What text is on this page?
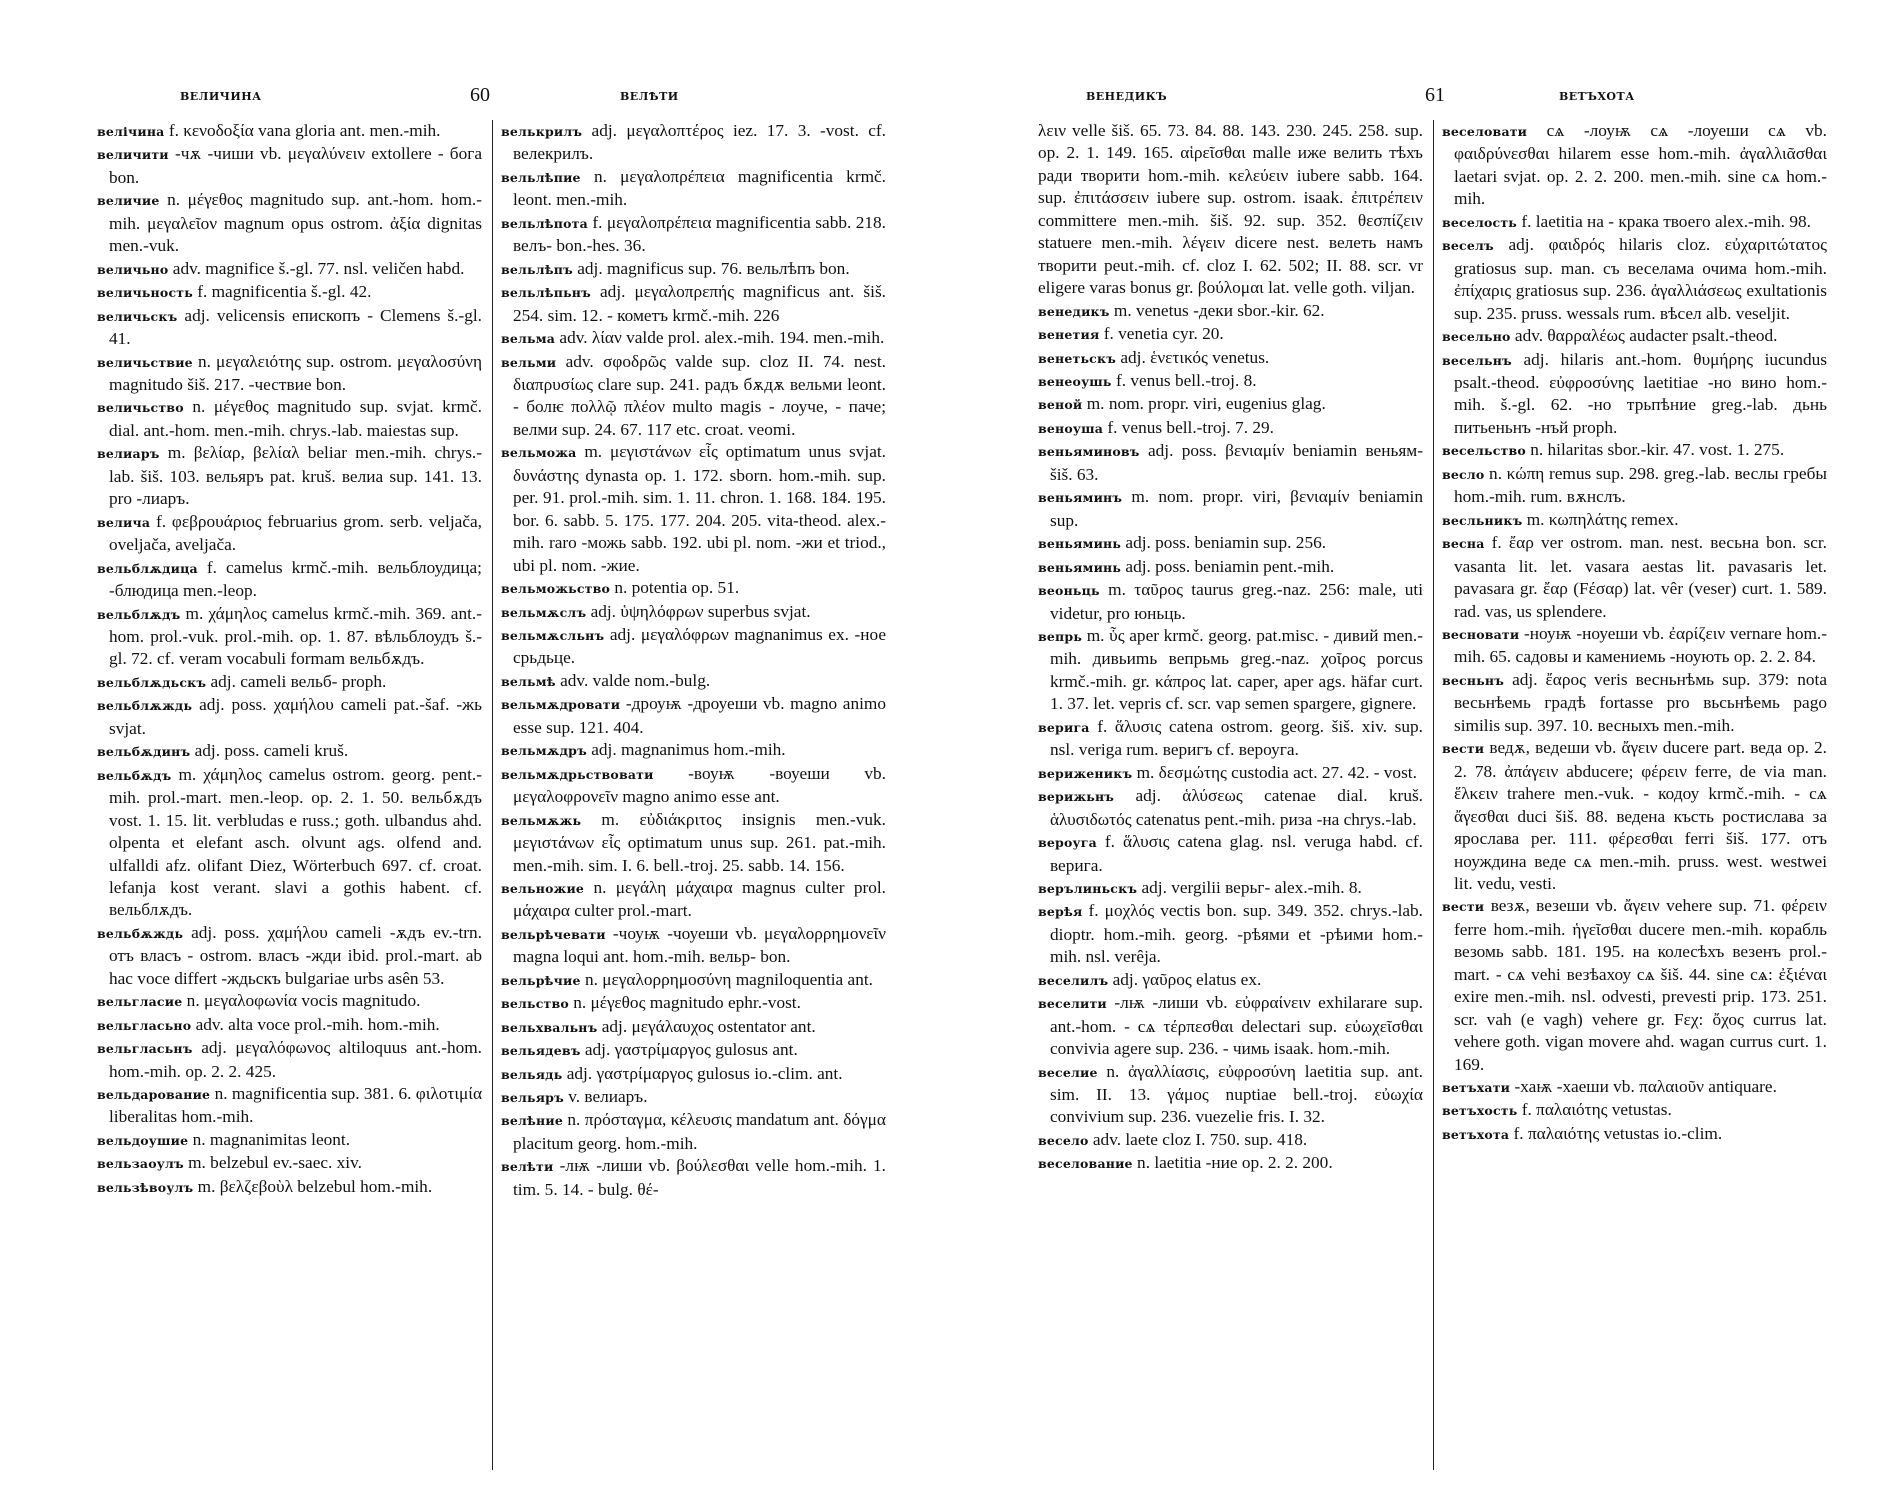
ВЕЛИЧИНА	60	ВЕЛѢТИ

велічина f. κενοδοξία vana gloria ant. men.-mih.

величити -чѫ -чиши vb. μεγαλύνειν extollere - бога bon.

величие n. μέγεθος magnitudo sup. ant.-hom. hom.-mih. μεγαλεῖον magnum opus ostrom. ἀξία dignitas men.-vuk.

величьно adv. magnifice š.-gl. 77. nsl. veličen habd.

величьность f. magnificentia š.-gl. 42.

величьскъ adj. velicensis епископъ - Clemens š.-gl. 41.

величьствие n. μεγαλειότης sup. ostrom. μεγαλοσύνη magnitudo šiš. 217. -чествие bon.

величьство n. μέγεθος magnitudo sup. svjat. krmč. dial. ant.-hom. men.-mih. chrys.-lab. maiestas sup.

велиаръ m. βελίαρ, βελίαλ beliar men.-mih. chrys.-lab. šiš. 103. вельяръ pat. kruš. велиа sup. 141. 13. pro -лиаръ.

велича f. φεβρουάριος februarius grom. serb. veljača, oveljača, aveljača.

вельблѫдица f. camelus krmč.-mih. вельблоудица; -блюдица men.-leop.

вельблѫдъ m. χάμηλος camelus krmč.-mih. 369. ant.-hom. prol.-vuk. prol.-mih. op. 1. 87. вѣльблоудъ š.-gl. 72. cf. veram vocabuli formam вельбѫдъ.

вельблѫдьскъ adj. cameli вельб- proph.

вельблѫждь adj. poss. χαμήλου cameli pat.-šaf. -жь svjat.

вельбѫдинъ adj. poss. cameli kruš.

вельбѫдъ m. χάμηλος camelus ostrom. georg. pent.-mih. prol.-mart. men.-leop. op. 2. 1. 50. вельбѫдъ vost. 1. 15. lit. verbludas e russ.; goth. ulbandus ahd. olpenta et elefant asch. olvunt ags. olfend and. ulfalldi afz. olifant Diez, Wörterbuch 697. cf. croat. lefanja kost verant. slavi a gothis habent. cf. вельблѫдъ.

вельбѫждь adj. poss. χαμήλου cameli -ѫдъ ev.-trn. отъ власъ - ostrom. власъ -жди ibid. prol.-mart. ab hac voce differt -ждьскъ bulgariae urbs asên 53.

вельгласие n. μεγαλοφωνία vocis magnitudo.

вельгласьно adv. alta voce prol.-mih. hom.-mih.

вельгласьнъ adj. μεγαλόφωνος altiloquus ant.-hom. hom.-mih. op. 2. 2. 425.

вельдарование n. magnificentia sup. 381. 6. φιλοτιμία liberalitas hom.-mih.

вельдоушие n. magnanimitas leont.

вельзаоулъ m. belzebul ev.-saec. xiv.

вельзѣвоулъ m. βελζεβοὺλ belzebul hom.-mih.

велькрилъ adj. μεγαλοπτέρος iez. 17. 3. -vost. cf. велекрилъ.

вельлѣпие n. μεγαλοπρέπεια magnificentia krmč. leont. men.-mih.

вельлѣпота f. μεγαλοπρέπεια magnificentia sabb. 218. велъ- bon.-hes. 36.

вельлѣпъ adj. magnificus sup. 76. вельлѣпъ bon.

вельлѣпьнъ adj. μεγαλοπρεπής magnificus ant. šiš. 254. sim. 12. - кометъ krmč.-mih. 226

вельма adv. λίαν valde prol. alex.-mih. 194. men.-mih.

вельми adv. σφοδρῶς valde sup. cloz II. 74. nest. διαπρυσίως clare sup. 241. радъ бѫдѫ вельми leont. - болѥ πολλῷ πλέον multo magis - лоуче, - паче; велми sup. 24. 67. 117 etc. croat. veomi.

вельможа m. μεγιστάνων εἷς optimatum unus svjat. δυνάστης dynasta op. 1. 172. sborn. hom.-mih. sup. per. 91. prol.-mih. sim. 1. 11. chron. 1. 168. 184. 195. bor. 6. sabb. 5. 175. 177. 204. 205. vita-theod. alex.-mih. raro -можь sabb. 192. ubi pl. nom. -жи et triod., ubi pl. nom. -жие.

вельможьство n. potentia op. 51.

вельмѫслъ adj. ὑψηλόφρων superbus svjat.

вельмѫсльнъ adj. μεγαλόφρων magnanimus ex. -ное срьдьце.

вельмѣ adv. valde nom.-bulg.

вельмѫдровати -дроуѭ -дроуеши vb. magno animo esse sup. 121. 404.

вельмѫдръ adj. magnanimus hom.-mih.

вельмѫдрьствовати -воуѭ -воуеши vb. μεγαλοφρονεῖν magno animo esse ant.

вельмѫжь m. εὐδιάκριτος insignis men.-vuk. μεγιστάνων εἷς optimatum unus sup. 261. pat.-mih. men.-mih. sim. I. 6. bell.-troj. 25. sabb. 14. 156.

вельножие n. μεγάλη μάχαιρα magnus culter prol. μάχαιρα culter prol.-mart.

вельрѣчевати -чоуѭ -чоуеши vb. μεγαλορρημονεῖν magna loqui ant. hom.-mih. вельр- bon.

вельрѣчие n. μεγαλορρημοσύνη magniloquentia ant.

вельство n. μέγεθος magnitudo ephr.-vost.

вельхвальнъ adj. μεγάλαυχος ostentator ant.

вельядевъ adj. γαστρίμαργος gulosus ant.

вельядь adj. γαστρίμαργος gulosus io.-clim. ant.

вельяръ v. велиаръ.

велѣние n. πρόσταγμα, κέλευσις mandatum ant. δόγμα placitum georg. hom.-mih.

велѣти -лѭ -лиши vb. βούλεσθαι velle hom.-mih. 1. tim. 5. 14. - bulg. θέ-

ВЕНЕДИКЪ	61	ВЕТЪХОТА

λειν velle šiš. 65. 73. 84. 88. 143. 230. 245. 258. sup. op. 2. 1. 149. 165. αἱρεῖσθαι malle иже велить тѣхъ ради творити hom.-mih. κελεύειν iubere sabb. 164. sup. ἐπιτάσσειν iubere sup. ostrom. isaak. ἐπιτρέπειν committere men.-mih. šiš. 92. sup. 352. θεσπίζειν statuere men.-mih. λέγειν dicere nest. велеть намъ творити peut.-mih. cf. cloz I. 62. 502; II. 88. scr. vr eligere varas bonus gr. βούλομαι lat. velle goth. viljan.

венедикъ m. venetus -деки sbor.-kir. 62.

венетия f. venetia cyr. 20.

венетьскъ adj. ἑνετικός venetus.

венеоушь f. venus bell.-troj. 8.

веной m. nom. propr. viri, eugenius glag.

веноуша f. venus bell.-troj. 7. 29.

веньяминовъ adj. poss. βενιαμίν beniamin веньям- šiš. 63.

веньяминъ m. nom. propr. viri, βενιαμίν beniamin sup.

веньяминь adj. poss. beniamin sup. 256.

веньяминь adj. poss. beniamin pent.-mih.

веоньць m. ταῦρος taurus greg.-naz. 256: male, uti videtur, pro юньць.

вепрь m. ὗς aper krmč. georg. pat.misc. - дивий men.-mih. дивьиmь вепрьмь greg.-naz. χοῖρος porcus krmč.-mih. gr. κάπρος lat. caper, aper ags. häfar curt. 1. 37. let. vepris cf. scr. vap semen spargere, gignere.

верига f. ἅλυσις catena ostrom. georg. šiš. xiv. sup. nsl. veriga rum. веригъ cf. вероуга.

вериженикъ m. δεσμώτης custodia act. 27. 42. - vost.

верижьнъ adj. ἁλύσεως catenae dial. kruš. ἁλυσιδωτός catenatus pent.-mih. риза -на chrys.-lab.

вероуга f. ἅλυσις catena glag. nsl. veruga habd. cf. верига.

верълиньскъ adj. vergilii верьг- alex.-mih. 8.

верѣя f. μοχλός vectis bon. sup. 349. 352. chrys.-lab. dioptr. hom.-mih. georg. -рѣями et -рѣими hom.-mih. nsl. verêja.

веселилъ adj. γαῦρος elatus ex.

веселити -лѭ -лиши vb. εὐφραίνειν exhilarare sup. ant.-hom. - сѧ τέρπεσθαι delectari sup. εὐωχεῖσθαι convivia agere sup. 236. - чимь isaak. hom.-mih.

веселие n. ἀγαλλίασις, εὐφροσύνη laetitia sup. ant. sim. II. 13. γάμος nuptiae bell.-troj. εὐωχία convivium sup. 236. vuezelie fris. I. 32.

весело adv. laete cloz I. 750. sup. 418.

веселование n. laetitia -ние op. 2. 2. 200.

веселовати сѧ -лоуѭ сѧ -лоуеши сѧ vb. φαιδρύνεσθαι hilarem esse hom.-mih. ἀγαλλιᾶσθαι laetari svjat. op. 2. 2. 200. men.-mih. sine сѧ hom.-mih.

веселость f. laetitia на - крака твоего alex.-mih. 98.

веселъ adj. φαιδρός hilaris cloz. εὐχαριτώτατος gratiosus sup. man. съ веселама очима hom.-mih. ἐπίχαρις gratiosus sup. 236. ἀγαλλιάσεως exultationis sup. 235. pruss. wessals rum. вѣсел alb. veseljit.

весельно adv. θαρραλέως audacter psalt.-theod.

весельнъ adj. hilaris ant.-hom. θυμήρης iucundus psalt.-theod. εὐφροσύνης laetitiae -но вино hom.-mih. š.-gl. 62. -но трьпѣние greg.-lab. дьнь питьеньнъ -нъй proph.

весельство n. hilaritas sbor.-kir. 47. vost. 1. 275.

весло n. κώπη remus sup. 298. greg.-lab. веслы гребы hom.-mih. rum. вѫнслъ.

весльникъ m. κωπηλάτης remex.

весна f. ἔαρ ver ostrom. man. nest. весьна bon. scr. vasanta lit. let. vasara aestas lit. pavasaris let. pavasara gr. ἔαρ (Fέσαρ) lat. vêr (veser) curt. 1. 589. rad. vas, us splendere.

весновати -ноуѭ -ноуеши vb. ἐαρίζειν vernare hom.-mih. 65. садовы и камениемь -ноують op. 2. 2. 84.

весньнъ adj. ἔαρος veris весньнѣмь sup. 379: nota весьнѣемь градѣ fortasse pro вьсьнѣемь pago similis sup. 397. 10. весныхъ men.-mih.

вести ведѫ, ведеши vb. ἄγειν ducere part. веда op. 2. 2. 78. ἀπάγειν abducere; φέρειν ferre, de via man. ἕλκειν trahere men.-vuk. - кодоу krmč.-mih. - сѧ ἄγεσθαι duci šiš. 88. ведена късть ростислава за ярослава per. 111. φέρεσθαι ferri šiš. 177. отъ ноуждина веде сѧ men.-mih. pruss. west. westwei lit. vedu, vesti.

вести везѫ, везеши vb. ἄγειν vehere sup. 71. φέρειν ferre hom.-mih. ἡγεῖσθαι ducere men.-mih. корабль везомь sabb. 181. 195. на колесѣхъ везенъ prol.-mart. - сѧ vehi везѣахоу сѧ šiš. 44. sine сѧ: ἐξιέναι exire men.-mih. nsl. odvesti, prevesti prip. 173. 251. scr. vah (e vagh) vehere gr. Fεχ: ὄχος currus lat. vehere goth. vigan movere ahd. wagan currus curt. 1. 169.

ветъхати -хаѭ -хаеши vb. παλαιοῦν antiquare.

ветъхость f. παλαιότης vetustas.

ветъхота f. παλαιότης vetustas io.-clim.
